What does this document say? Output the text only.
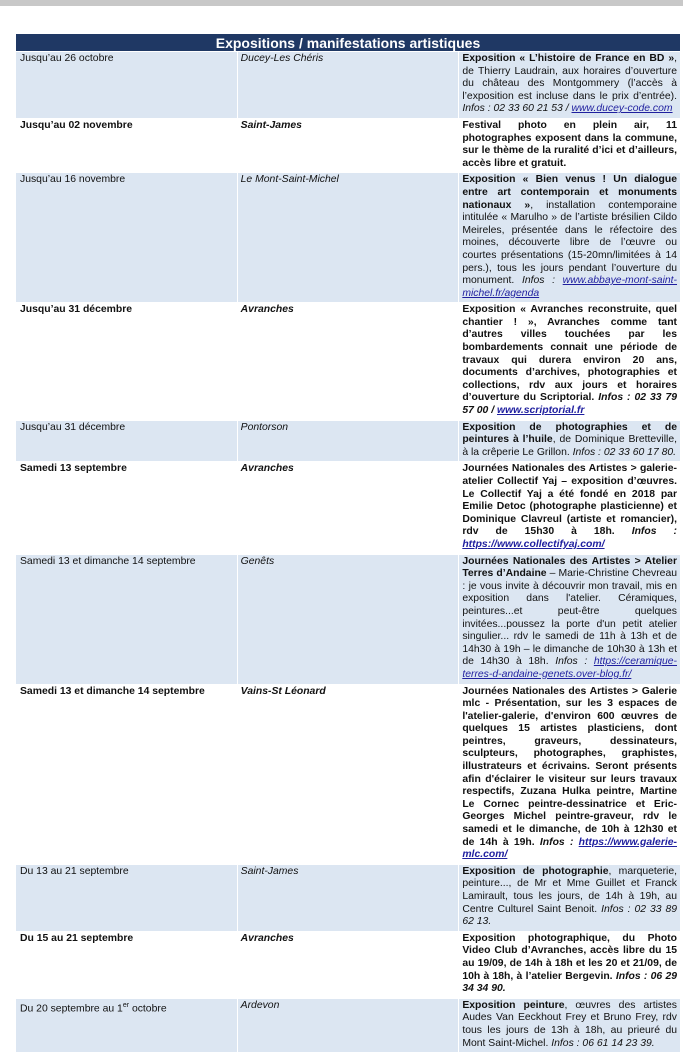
Expositions / manifestations artistiques		
Jusqu’au 26 octobre	Ducey-Les Chéris	Exposition « L’histoire de France en BD », de Thierry Laudrain, aux horaires d’ouverture du château des Montgommery (l’accès à l’exposition est incluse dans le prix d’entrée). Infos : 02 33 60 21 53 / www.ducey-code.com
Jusqu’au 02 novembre	Saint-James	Festival photo en plein air, 11 photographes exposent dans la commune, sur le thème de la ruralité d’ici et d’ailleurs, accès libre et gratuit.
Jusqu’au 16 novembre	Le Mont-Saint-Michel	Exposition « Bien venus ! Un dialogue entre art contemporain et monuments nationaux », installation contemporaine intitulée « Marulho » de l’artiste brésilien Cildo Meireles, présentée dans le réfectoire des moines, découverte libre de l’œuvre ou courtes présentations (15-20mn/limitées à 14 pers.), tous les jours pendant l’ouverture du monument. Infos : www.abbaye-mont-saint-michel.fr/agenda
Jusqu’au 31 décembre	Avranches	Exposition « Avranches reconstruite, quel chantier ! », Avranches comme tant d’autres villes touchées par les bombardements connait une période de travaux qui durera environ 20 ans, documents d’archives, photographies et collections, rdv aux jours et horaires d’ouverture du Scriptorial. Infos : 02 33 79 57 00 / www.scriptorial.fr
Jusqu’au 31 décembre	Pontorson	Exposition de photographies et de peintures à l’huile, de Dominique Bretteville, à la crêperie Le Grillon. Infos : 02 33 60 17 80.
Samedi 13 septembre	Avranches	Journées Nationales des Artistes > galerie-atelier Collectif Yaj – exposition d’œuvres. Le Collectif Yaj a été fondé en 2018 par Emilie Detoc (photographe plasticienne) et Dominique Clavreul (artiste et romancier), rdv de 15h30 à 18h. Infos : https://www.collectifyaj.com/
Samedi 13 et dimanche 14 septembre	Genêts	Journées Nationales des Artistes > Atelier Terres d’Andaine – Marie-Christine Chevreau : je vous invite à découvrir mon travail, mis en exposition dans l'atelier. Céramiques, peintures...et peut-être quelques invitées...poussez la porte d'un petit atelier singulier... rdv le samedi de 11h à 13h et de 14h30 à 19h – le dimanche de 10h30 à 13h et de 14h30 à 18h. Infos : https://ceramique-terres-d-andaine-genets.over-blog.fr/
Samedi 13 et dimanche 14 septembre	Vains-St Léonard	Journées Nationales des Artistes > Galerie mlc - Présentation, sur les 3 espaces de l'atelier-galerie, d'environ 600 œuvres de quelques 15 artistes plasticiens, dont peintres, graveurs, dessinateurs, sculpteurs, photographes, graphistes, illustrateurs et écrivains. Seront présents afin d'éclairer le visiteur sur leurs travaux respectifs, Zuzana Hulka peintre, Martine Le Cornec peintre-dessinatrice et Eric-Georges Michel peintre-graveur, rdv le samedi et le dimanche, de 10h à 12h30 et de 14h à 19h. Infos : https://www.galerie-mlc.com/
Du 13 au 21 septembre	Saint-James	Exposition de photographie, marqueterie, peinture..., de Mr et Mme Guillet et Franck Lamirault, tous les jours, de 14h à 19h, au Centre Culturel Saint Benoit. Infos : 02 33 89 62 13.
Du 15 au 21 septembre	Avranches	Exposition photographique, du Photo Video Club d’Avranches, accès libre du 15 au 19/09, de 14h à 18h et les 20 et 21/09, de 10h à 18h, à l’atelier Bergevin. Infos : 06 29 34 34 90.
Du 20 septembre au 1er octobre	Ardevon	Exposition peinture, œuvres des artistes Audes Van Eeckhout Frey et Bruno Frey, rdv tous les jours de 13h à 18h, au prieuré du Mont Saint-Michel. Infos : 06 61 14 23 39.
